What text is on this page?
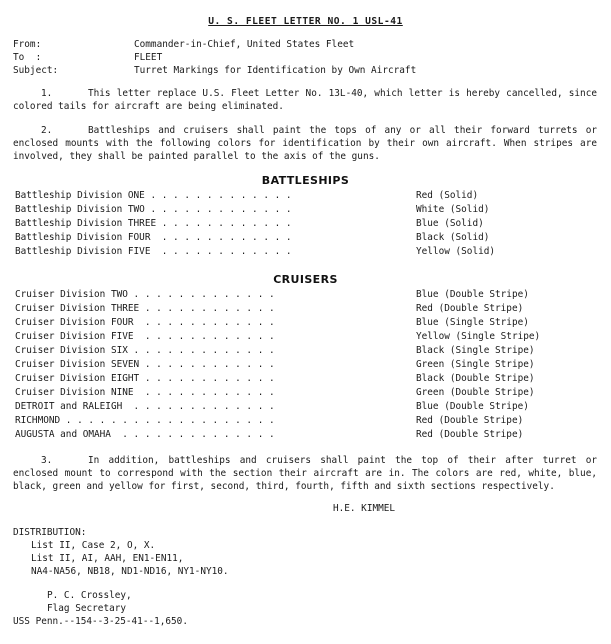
U. S. FLEET LETTER NO. 1 USL-41
From:	Commander-in-Chief, United States Fleet
To  :	FLEET
Subject:	Turret Markings for Identification by Own Aircraft
1.	This letter replace U.S. Fleet Letter No. 13L-40, which letter is hereby cancelled, since colored tails for aircraft are being eliminated.
2.	Battleships and cruisers shall paint the tops of any or all their forward turrets or enclosed mounts with the following colors for identification by their own aircraft. When stripes are involved, they shall be painted parallel to the axis of the guns.
BATTLESHIPS
Battleship Division ONE . . . . . . . . . . . . .	Red (Solid)
Battleship Division TWO . . . . . . . . . . . . .	White (Solid)
Battleship Division THREE . . . . . . . . . . . .	Blue (Solid)
Battleship Division FOUR  . . . . . . . . . . . .	Black (Solid)
Battleship Division FIVE  . . . . . . . . . . . .	Yellow (Solid)
CRUISERS
Cruiser Division TWO . . . . . . . . . . . . .	Blue (Double Stripe)
Cruiser Division THREE . . . . . . . . . . . .	Red (Double Stripe)
Cruiser Division FOUR  . . . . . . . . . . . .	Blue (Single Stripe)
Cruiser Division FIVE  . . . . . . . . . . . .	Yellow (Single Stripe)
Cruiser Division SIX . . . . . . . . . . . . .	Black (Single Stripe)
Cruiser Division SEVEN . . . . . . . . . . . .	Green (Single Stripe)
Cruiser Division EIGHT . . . . . . . . . . . .	Black (Double Stripe)
Cruiser Division NINE  . . . . . . . . . . . .	Green (Double Stripe)
DETROIT and RALEIGH  . . . . . . . . . . . . .	Blue (Double Stripe)
RICHMOND . . . . . . . . . . . . . . . . . . .	Red (Double Stripe)
AUGUSTA and OMAHA  . . . . . . . . . . . . . .	Red (Double Stripe)
3.	In addition, battleships and cruisers shall paint the top of their after turret or enclosed mount to correspond with the section their aircraft are in. The colors are red, white, blue, black, green and yellow for first, second, third, fourth, fifth and sixth sections respectively.
H.E. KIMMEL
DISTRIBUTION:
List II, Case 2, O, X.
List II, AI, AAH, EN1-EN11,
NA4-NA56, NB18, ND1-ND16, NY1-NY10.
P. C. Crossley,
Flag Secretary
USS Penn.--154--3-25-41--1,650.
